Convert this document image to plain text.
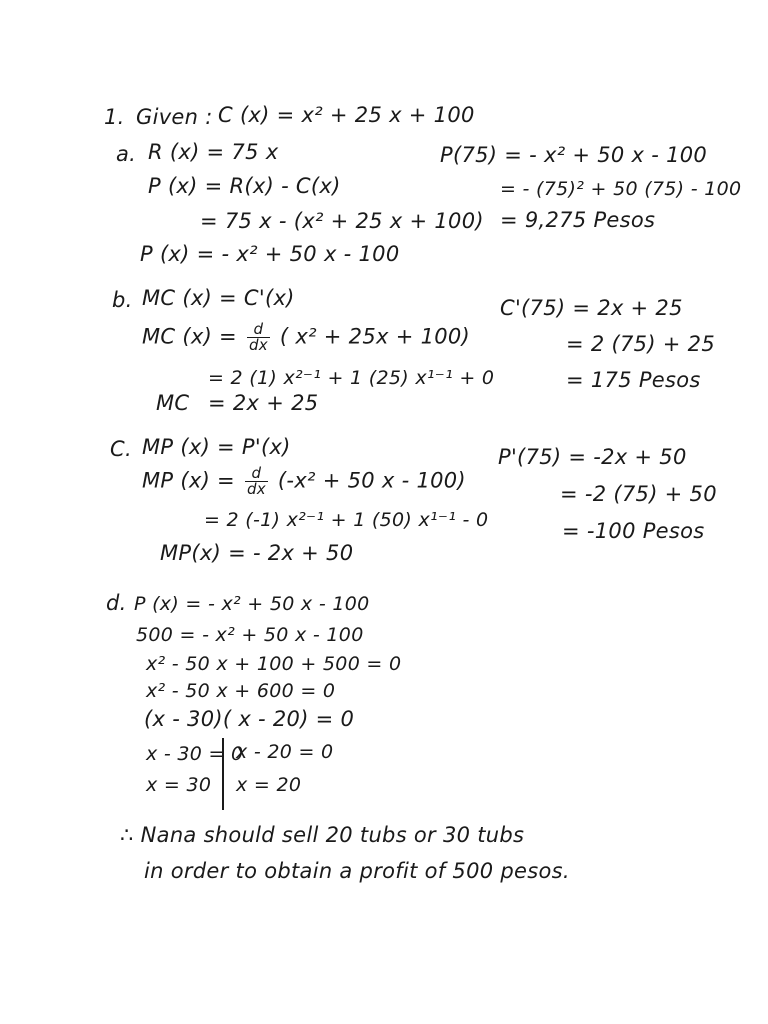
1. Given : C (x) = x² + 25 x + 100
a. R (x) = 75 x
P (x) = R(x) - C(x)
= 75 x - (x² + 25 x + 100)
P (x) = - x² + 50 x - 100
P(75) = - x² + 50 x - 100
= - (75)² + 50 (75) - 100
= 9,275 Pesos
b. MC (x) = C'(x)
MC $(x) = \frac{d}{dx}$ ( x² + 25x + 100)
= 2 (1) x²⁻¹ + 1 (25) x¹⁻¹ + 0
MC = 2x + 25
C'(75) = 2x + 25
= 2 (75) + 25
= 175 Pesos
C. MP (x) = P'(x)
MP $(x) = \frac{d}{dx} (-x^2 + 50$ x - 100)
= 2 (-1) x²⁻¹ + 1 (50) x¹⁻¹ - 0
MP(x) = - 2x + 50
P'(75) = -2x + 50
= -2 (75) + 50
= -100 Pesos
d. P (x) = - x² + 50 x - 100
500 = - x² + 50 x - 100
x² - 50 x + 100 + 500 = 0
x² - 50 x + 600 = 0
(x - 30)( x - 20) = 0
x - 30 = 0
x = 30
x - 20 = 0
x = 20
∴ Nana should sell 20 tubs or 30 tubs
in order to obtain a profit of 500 pesos.
